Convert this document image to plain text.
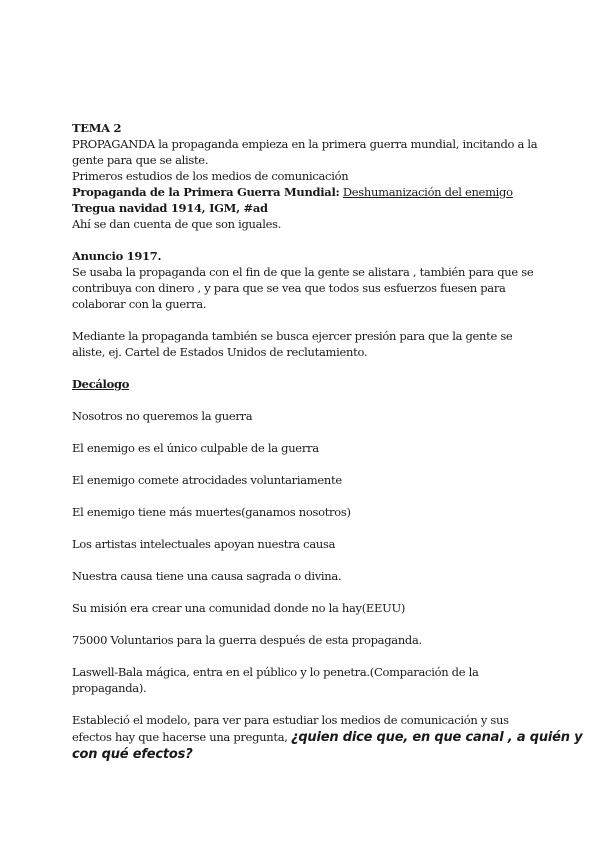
TEMA 2
PROPAGANDA la propaganda empieza en la primera guerra mundial, incitando a la
gente para que se aliste.
Primeros estudios de los medios de comunicación
Propaganda de la Primera Guerra Mundial: Deshumanización del enemigo
Tregua navidad 1914, IGM, #ad
Ahí se dan cuenta de que son iguales.
Anuncio 1917.
Se usaba la propaganda con el fin de que la gente se alistara , también para que se
contribuya con dinero , y para que se vea que todos sus esfuerzos fuesen para
colaborar con la guerra.
Mediante la propaganda también se busca ejercer presión para que la gente se
aliste, ej. Cartel de Estados Unidos de reclutamiento.
Decálogo
Nosotros no queremos la guerra
El enemigo es el único culpable de la guerra
El enemigo comete atrocidades voluntariamente
El enemigo tiene más muertes(ganamos nosotros)
Los artistas intelectuales apoyan nuestra causa
Nuestra causa tiene una causa sagrada o divina.
Su misión era crear una comunidad donde no la hay(EEUU)
75000 Voluntarios para la guerra después de esta propaganda.
Laswell-Bala mágica, entra en el público y lo penetra.(Comparación de la
propaganda).
Estableció el modelo, para ver para estudiar los medios de comunicación y sus
efectos hay que hacerse una pregunta, ¿quien dice que, en que canal , a quién y
con qué efectos?
